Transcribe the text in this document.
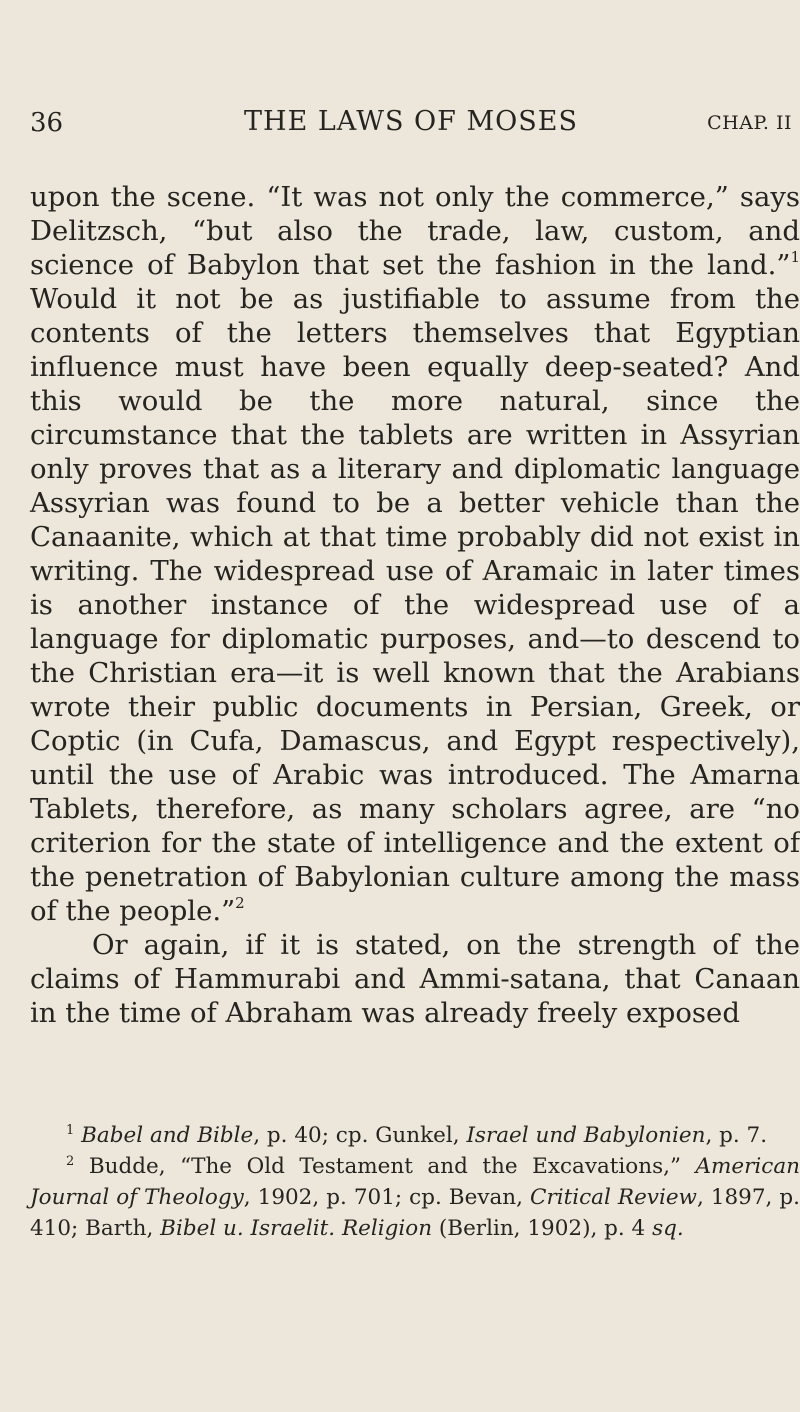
36	THE LAWS OF MOSES	CHAP. II

upon the scene. “It was not only the commerce,” says Delitzsch, “but also the trade, law, custom, and science of Babylon that set the fashion in the land.”$^1$ Would it not be as justifiable to assume from the contents of the letters themselves that Egyptian influence must have been equally deep-seated? And this would be the more natural, since the circumstance that the tablets are written in Assyrian only proves that as a literary and diplomatic language Assyrian was found to be a better vehicle than the Canaanite, which at that time probably did not exist in writing. The widespread use of Aramaic in later times is another instance of the widespread use of a language for diplomatic purposes, and—to descend to the Christian era—it is well known that the Arabians wrote their public documents in Persian, Greek, or Coptic (in Cufa, Damascus, and Egypt respectively), until the use of Arabic was introduced. The Amarna Tablets, therefore, as many scholars agree, are “no criterion for the state of intelligence and the extent of the penetration of Babylonian culture among the mass of the people.”$^2$

Or again, if it is stated, on the strength of the claims of Hammurabi and Ammi-satana, that Canaan in the time of Abraham was already freely exposed

$^1$ Babel and Bible, p. 40; cp. Gunkel, Israel und Babylonien, p. 7.

$^2$ Budde, “The Old Testament and the Excavations,” American Journal of Theology, 1902, p. 701; cp. Bevan, Critical Review, 1897, p. 410; Barth, Bibel u. Israelit. Religion (Berlin, 1902), p. 4 sq.
